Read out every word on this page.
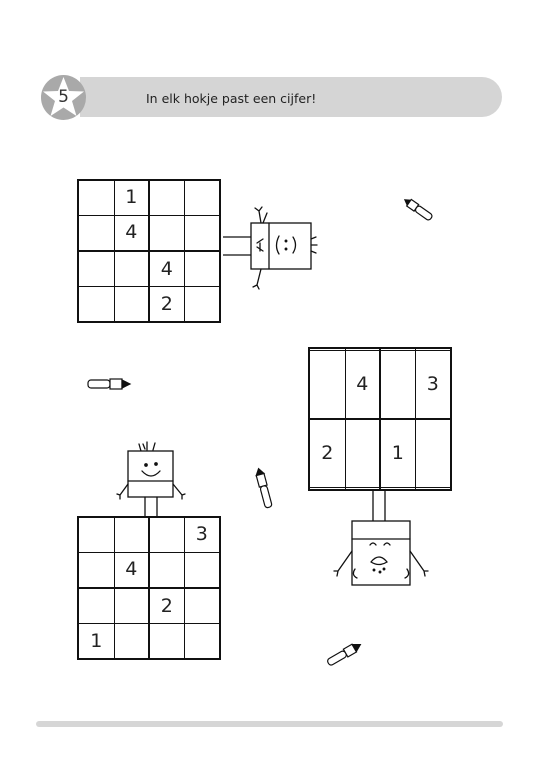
In elk hokje past een cijfer!
5
	1		
	4		
		4	
		2	

	4		3
2		1	

			3
	4		
		2	
1			
